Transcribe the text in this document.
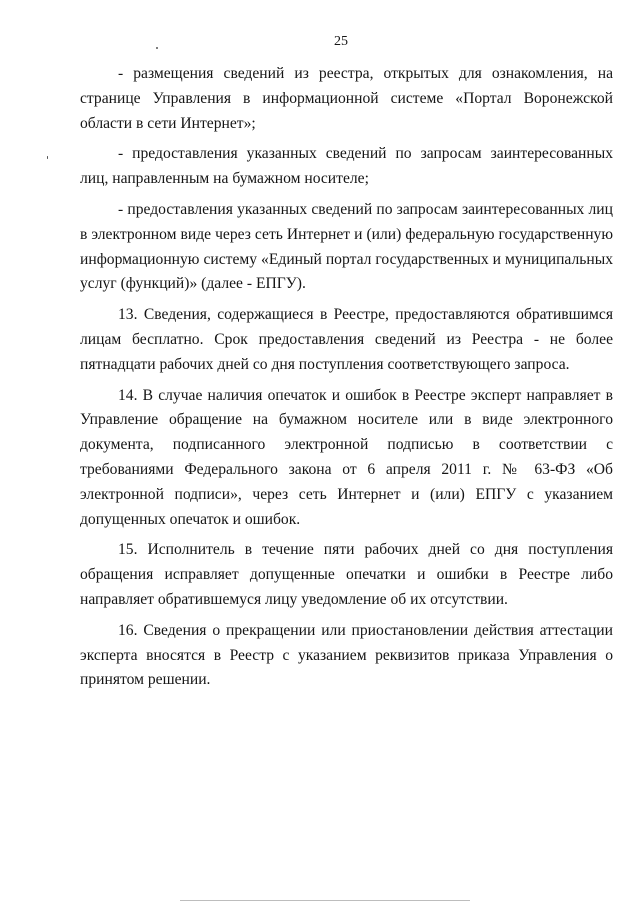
25

- размещения сведений из реестра, открытых для ознакомления, на странице Управления в информационной системе «Портал Воронежской области в сети Интернет»;

- предоставления указанных сведений по запросам заинтересованных лиц, направленным на бумажном носителе;

- предоставления указанных сведений по запросам заинтересованных лиц в электронном виде через сеть Интернет и (или) федеральную государственную информационную систему «Единый портал государственных и муниципальных услуг (функций)» (далее - ЕПГУ).

13. Сведения, содержащиеся в Реестре, предоставляются обратившимся лицам бесплатно. Срок предоставления сведений из Реестра - не более пятнадцати рабочих дней со дня поступления соответствующего запроса.

14. В случае наличия опечаток и ошибок в Реестре эксперт направляет в Управление обращение на бумажном носителе или в виде электронного документа, подписанного электронной подписью в соответствии с требованиями Федерального закона от 6 апреля 2011 г. № 63-ФЗ «Об электронной подписи», через сеть Интернет и (или) ЕПГУ с указанием допущенных опечаток и ошибок.

15. Исполнитель в течение пяти рабочих дней со дня поступления обращения исправляет допущенные опечатки и ошибки в Реестре либо направляет обратившемуся лицу уведомление об их отсутствии.

16. Сведения о прекращении или приостановлении действия аттестации эксперта вносятся в Реестр с указанием реквизитов приказа Управления о принятом решении.
